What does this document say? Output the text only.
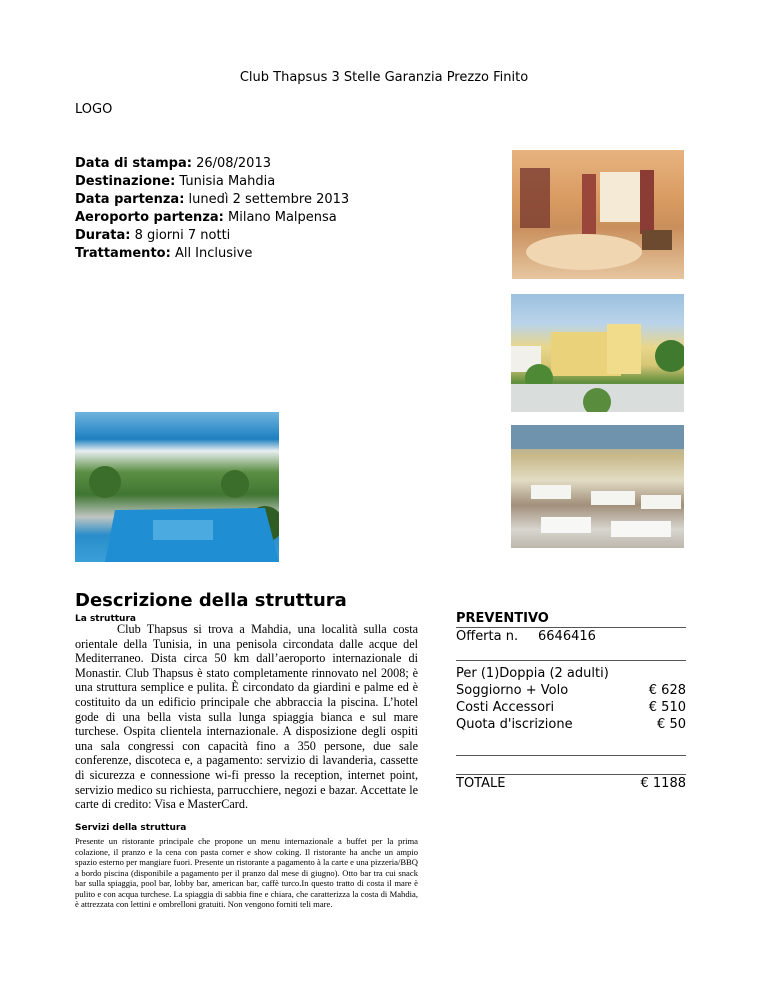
Club Thapsus 3 Stelle Garanzia Prezzo Finito
LOGO
Data di stampa: 26/08/2013
Destinazione: Tunisia Mahdia
Data partenza: lunedì 2 settembre 2013
Aeroporto partenza: Milano Malpensa
Durata: 8 giorni 7 notti
Trattamento: All Inclusive
Descrizione della struttura
La struttura
Club Thapsus si trova a Mahdia, una località sulla costa orientale della Tunisia, in una penisola circondata dalle acque del Mediterraneo. Dista circa 50 km dall’aeroporto internazionale di Monastir. Club Thapsus è stato completamente rinnovato nel 2008; è una struttura semplice e pulita. È circondato da giardini e palme ed è costituito da un edificio principale che abbraccia la piscina. L’hotel gode di una bella vista sulla lunga spiaggia bianca e sul mare turchese. Ospita clientela internazionale. A disposizione degli ospiti una sala congressi con capacità fino a 350 persone, due sale conferenze, discoteca e, a pagamento: servizio di lavanderia, cassette di sicurezza e connessione wi-fi presso la reception, internet point, servizio medico su richiesta, parrucchiere, negozi e bazar. Accettate le carte di credito: Visa e MasterCard.
Servizi della struttura
Presente un ristorante principale che propone un menu internazionale a buffet per la prima colazione, il pranzo e la cena con pasta corner e show coking. Il ristorante ha anche un ampio spazio esterno per mangiare fuori. Presente un ristorante a pagamento à la carte e una pizzeria/BBQ a bordo piscina (disponibile a pagamento per il pranzo dal mese di giugno). Otto bar tra cui snack bar sulla spiaggia, pool bar, lobby bar, american bar, caffè turco.In questo tratto di costa il mare è pulito e con acqua turchese. La spiaggia di sabbia fine e chiara, che caratterizza la costa di Mahdia, è attrezzata con lettini e ombrelloni gratuiti. Non vengono forniti teli mare.
PREVENTIVO
Offerta n. 6646416
Per (1)Doppia (2 adulti)
Soggiorno + Volo	€ 628
Costi Accessori	€ 510
Quota d'iscrizione	€ 50
TOTALE	€ 1188
